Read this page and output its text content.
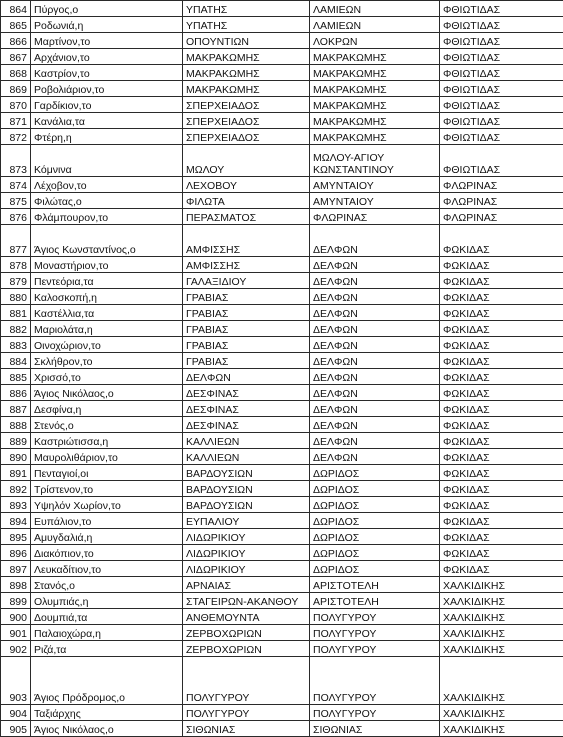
864	Πύργος,ο	ΥΠΑΤΗΣ	ΛΑΜΙΕΩΝ	ΦΘΙΩΤΙΔΑΣ
865	Ροδωνιά,η	ΥΠΑΤΗΣ	ΛΑΜΙΕΩΝ	ΦΘΙΩΤΙΔΑΣ
866	Μαρτίνον,το	ΟΠΟΥΝΤΙΩΝ	ΛΟΚΡΩΝ	ΦΘΙΩΤΙΔΑΣ
867	Αρχάνιον,το	ΜΑΚΡΑΚΩΜΗΣ	ΜΑΚΡΑΚΩΜΗΣ	ΦΘΙΩΤΙΔΑΣ
868	Καστρίον,το	ΜΑΚΡΑΚΩΜΗΣ	ΜΑΚΡΑΚΩΜΗΣ	ΦΘΙΩΤΙΔΑΣ
869	Ροβολιάριον,το	ΜΑΚΡΑΚΩΜΗΣ	ΜΑΚΡΑΚΩΜΗΣ	ΦΘΙΩΤΙΔΑΣ
870	Γαρδίκιον,το	ΣΠΕΡΧΕΙΑΔΟΣ	ΜΑΚΡΑΚΩΜΗΣ	ΦΘΙΩΤΙΔΑΣ
871	Κανάλια,τα	ΣΠΕΡΧΕΙΑΔΟΣ	ΜΑΚΡΑΚΩΜΗΣ	ΦΘΙΩΤΙΔΑΣ
872	Φτέρη,η	ΣΠΕΡΧΕΙΑΔΟΣ	ΜΑΚΡΑΚΩΜΗΣ	ΦΘΙΩΤΙΔΑΣ
873	Κόμνινα	ΜΩΛΟΥ	ΜΩΛΟΥ-ΑΓΙΟΥ ΚΩΝΣΤΑΝΤΙΝΟΥ	ΦΘΙΩΤΙΔΑΣ
874	Λέχοβον,το	ΛΕΧΟΒΟΥ	ΑΜΥΝΤΑΙΟΥ	ΦΛΩΡΙΝΑΣ
875	Φιλώτας,ο	ΦΙΛΩΤΑ	ΑΜΥΝΤΑΙΟΥ	ΦΛΩΡΙΝΑΣ
876	Φλάμπουρον,το	ΠΕΡΑΣΜΑΤΟΣ	ΦΛΩΡΙΝΑΣ	ΦΛΩΡΙΝΑΣ
877	Άγιος Κωνσταντίνος,ο	ΑΜΦΙΣΣΗΣ	ΔΕΛΦΩΝ	ΦΩΚΙΔΑΣ
878	Μοναστήριον,το	ΑΜΦΙΣΣΗΣ	ΔΕΛΦΩΝ	ΦΩΚΙΔΑΣ
879	Πεντεόρια,τα	ΓΑΛΑΞΙΔΙΟΥ	ΔΕΛΦΩΝ	ΦΩΚΙΔΑΣ
880	Καλοσκοπή,η	ΓΡΑΒΙΑΣ	ΔΕΛΦΩΝ	ΦΩΚΙΔΑΣ
881	Καστέλλια,τα	ΓΡΑΒΙΑΣ	ΔΕΛΦΩΝ	ΦΩΚΙΔΑΣ
882	Μαριολάτα,η	ΓΡΑΒΙΑΣ	ΔΕΛΦΩΝ	ΦΩΚΙΔΑΣ
883	Οινοχώριον,το	ΓΡΑΒΙΑΣ	ΔΕΛΦΩΝ	ΦΩΚΙΔΑΣ
884	Σκλήθρον,το	ΓΡΑΒΙΑΣ	ΔΕΛΦΩΝ	ΦΩΚΙΔΑΣ
885	Χρισσό,το	ΔΕΛΦΩΝ	ΔΕΛΦΩΝ	ΦΩΚΙΔΑΣ
886	Άγιος Νικόλαος,ο	ΔΕΣΦΙΝΑΣ	ΔΕΛΦΩΝ	ΦΩΚΙΔΑΣ
887	Δεσφίνα,η	ΔΕΣΦΙΝΑΣ	ΔΕΛΦΩΝ	ΦΩΚΙΔΑΣ
888	Στενός,ο	ΔΕΣΦΙΝΑΣ	ΔΕΛΦΩΝ	ΦΩΚΙΔΑΣ
889	Καστριώτισσα,η	ΚΑΛΛΙΕΩΝ	ΔΕΛΦΩΝ	ΦΩΚΙΔΑΣ
890	Μαυρολιθάριον,το	ΚΑΛΛΙΕΩΝ	ΔΕΛΦΩΝ	ΦΩΚΙΔΑΣ
891	Πενταγιοί,οι	ΒΑΡΔΟΥΣΙΩΝ	ΔΩΡΙΔΟΣ	ΦΩΚΙΔΑΣ
892	Τρίστενον,το	ΒΑΡΔΟΥΣΙΩΝ	ΔΩΡΙΔΟΣ	ΦΩΚΙΔΑΣ
893	Υψηλόν Χωρίον,το	ΒΑΡΔΟΥΣΙΩΝ	ΔΩΡΙΔΟΣ	ΦΩΚΙΔΑΣ
894	Ευπάλιον,το	ΕΥΠΑΛΙΟΥ	ΔΩΡΙΔΟΣ	ΦΩΚΙΔΑΣ
895	Αμυγδαλιά,η	ΛΙΔΩΡΙΚΙΟΥ	ΔΩΡΙΔΟΣ	ΦΩΚΙΔΑΣ
896	Διακόπιον,το	ΛΙΔΩΡΙΚΙΟΥ	ΔΩΡΙΔΟΣ	ΦΩΚΙΔΑΣ
897	Λευκαδίτιον,το	ΛΙΔΩΡΙΚΙΟΥ	ΔΩΡΙΔΟΣ	ΦΩΚΙΔΑΣ
898	Στανός,ο	ΑΡΝΑΙΑΣ	ΑΡΙΣΤΟΤΕΛΗ	ΧΑΛΚΙΔΙΚΗΣ
899	Ολυμπιάς,η	ΣΤΑΓΕΙΡΩΝ-ΑΚΑΝΘΟΥ	ΑΡΙΣΤΟΤΕΛΗ	ΧΑΛΚΙΔΙΚΗΣ
900	Δουμπιά,τα	ΑΝΘΕΜΟΥΝΤΑ	ΠΟΛΥΓΥΡΟΥ	ΧΑΛΚΙΔΙΚΗΣ
901	Παλαιοχώρα,η	ΖΕΡΒΟΧΩΡΙΩΝ	ΠΟΛΥΓΥΡΟΥ	ΧΑΛΚΙΔΙΚΗΣ
902	Ριζά,τα	ΖΕΡΒΟΧΩΡΙΩΝ	ΠΟΛΥΓΥΡΟΥ	ΧΑΛΚΙΔΙΚΗΣ
903	Άγιος Πρόδρομος,ο	ΠΟΛΥΓΥΡΟΥ	ΠΟΛΥΓΥΡΟΥ	ΧΑΛΚΙΔΙΚΗΣ
904	Ταξιάρχης	ΠΟΛΥΓΥΡΟΥ	ΠΟΛΥΓΥΡΟΥ	ΧΑΛΚΙΔΙΚΗΣ
905	Άγιος Νικόλαος,ο	ΣΙΘΩΝΙΑΣ	ΣΙΘΩΝΙΑΣ	ΧΑΛΚΙΔΙΚΗΣ
